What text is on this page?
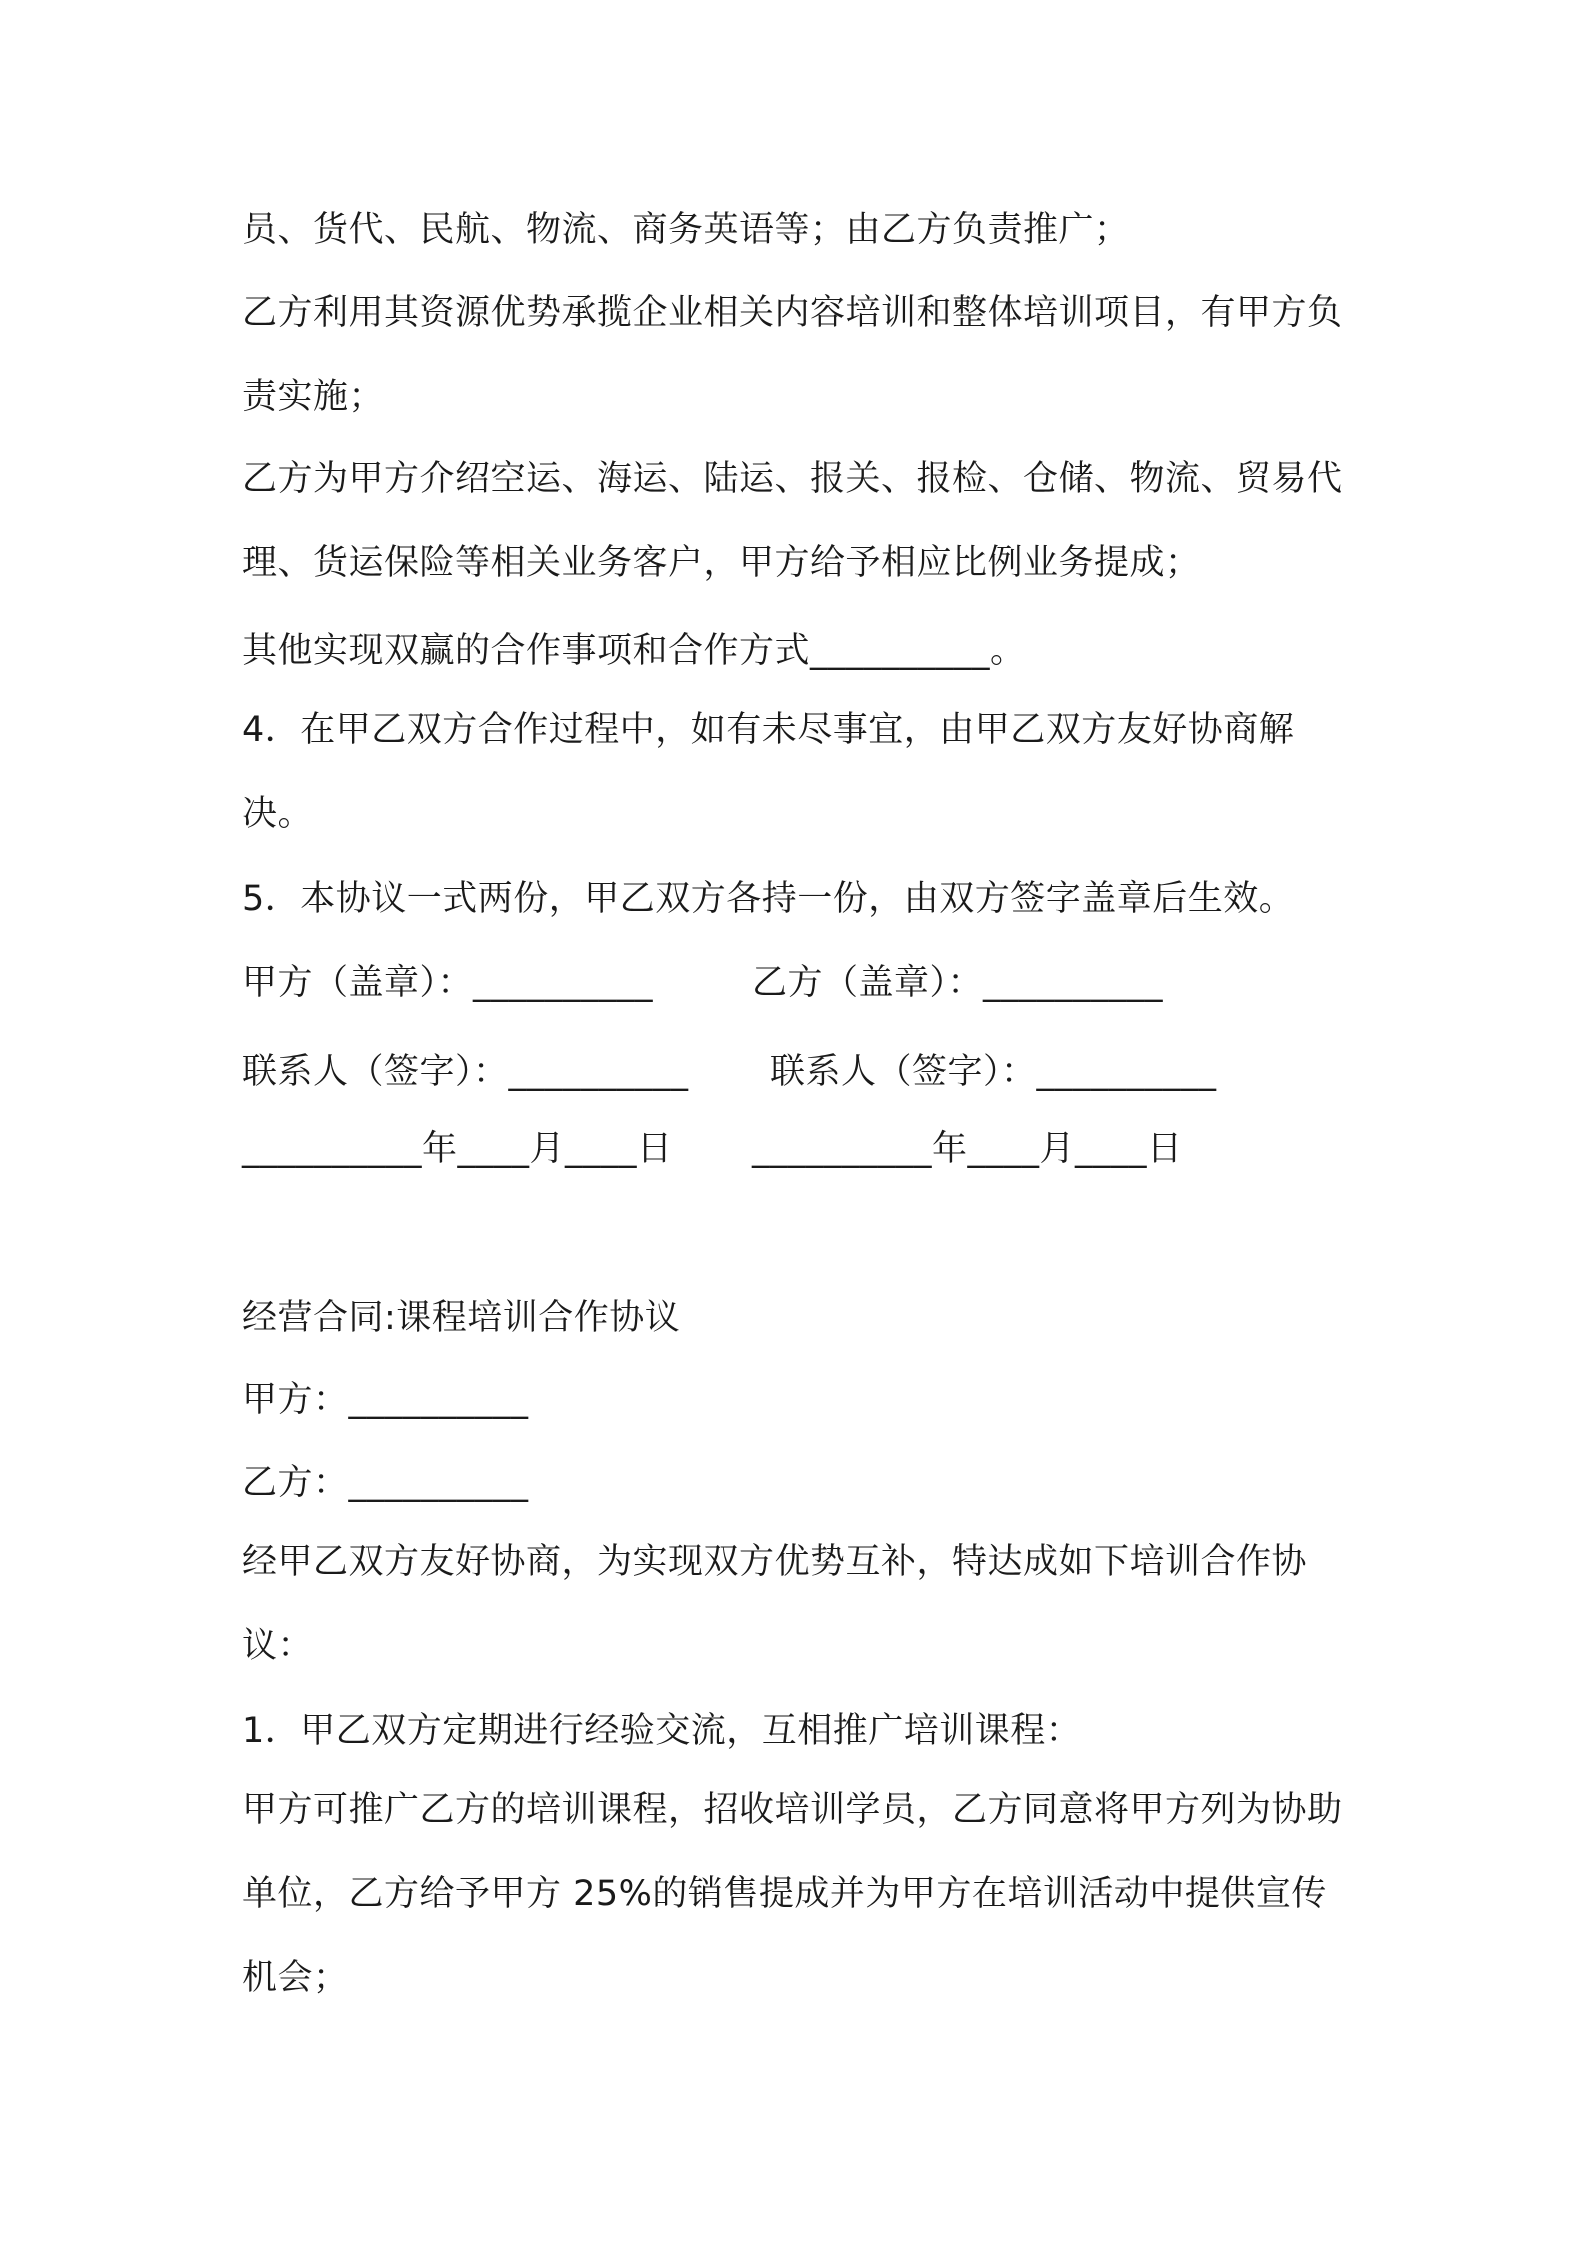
员、货代、民航、物流、商务英语等；由乙方负责推广；
乙方利用其资源优势承揽企业相关内容培训和整体培训项目，有甲方负责实施；
乙方为甲方介绍空运、海运、陆运、报关、报检、仓储、物流、贸易代理、货运保险等相关业务客户，甲方给予相应比例业务提成；
其他实现双赢的合作事项和合作方式__________。
4．在甲乙双方合作过程中，如有未尽事宜，由甲乙双方友好协商解决。
5．本协议一式两份，甲乙双方各持一份，由双方签字盖章后生效。
甲方（盖章）：__________	乙方（盖章）：__________
联系人（签字）：__________ 联系人（签字）：__________
__________年____月____日 __________年____月____日
经营合同:课程培训合作协议
甲方：__________
乙方：__________
经甲乙双方友好协商，为实现双方优势互补，特达成如下培训合作协议：
1．甲乙双方定期进行经验交流，互相推广培训课程：
甲方可推广乙方的培训课程，招收培训学员，乙方同意将甲方列为协助单位，乙方给予甲方 25%的销售提成并为甲方在培训活动中提供宣传机会；
